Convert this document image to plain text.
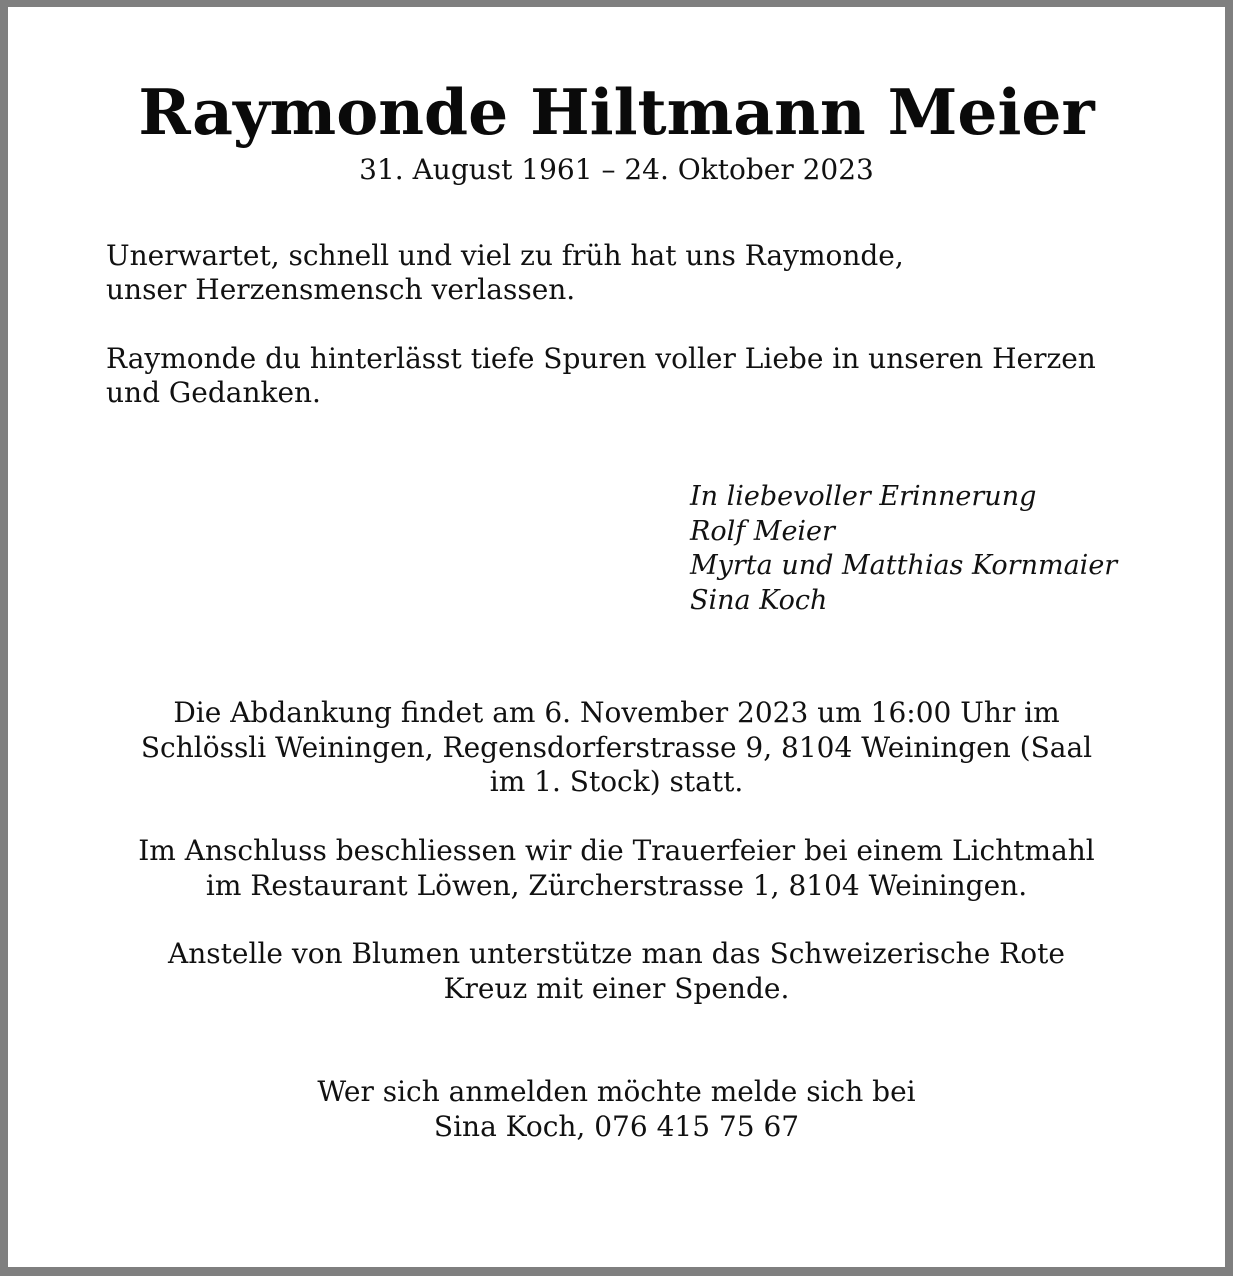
Raymonde Hiltmann Meier
31. August 1961 – 24. Oktober 2023

Unerwartet, schnell und viel zu früh hat uns Raymonde,
unser Herzensmensch verlassen.

Raymonde du hinterlässt tiefe Spuren voller Liebe in unseren Herzen
und Gedanken.

In liebevoller Erinnerung
Rolf Meier
Myrta und Matthias Kornmaier
Sina Koch
Die Abdankung findet am 6. November 2023 um 16:00 Uhr im
Schlössli Weiningen, Regensdorferstrasse 9, 8104 Weiningen (Saal
im 1. Stock) statt.
Im Anschluss beschliessen wir die Trauerfeier bei einem Lichtmahl
im Restaurant Löwen, Zürcherstrasse 1, 8104 Weiningen.
Anstelle von Blumen unterstütze man das Schweizerische Rote
Kreuz mit einer Spende.
Wer sich anmelden möchte melde sich bei
Sina Koch, 076 415 75 67
